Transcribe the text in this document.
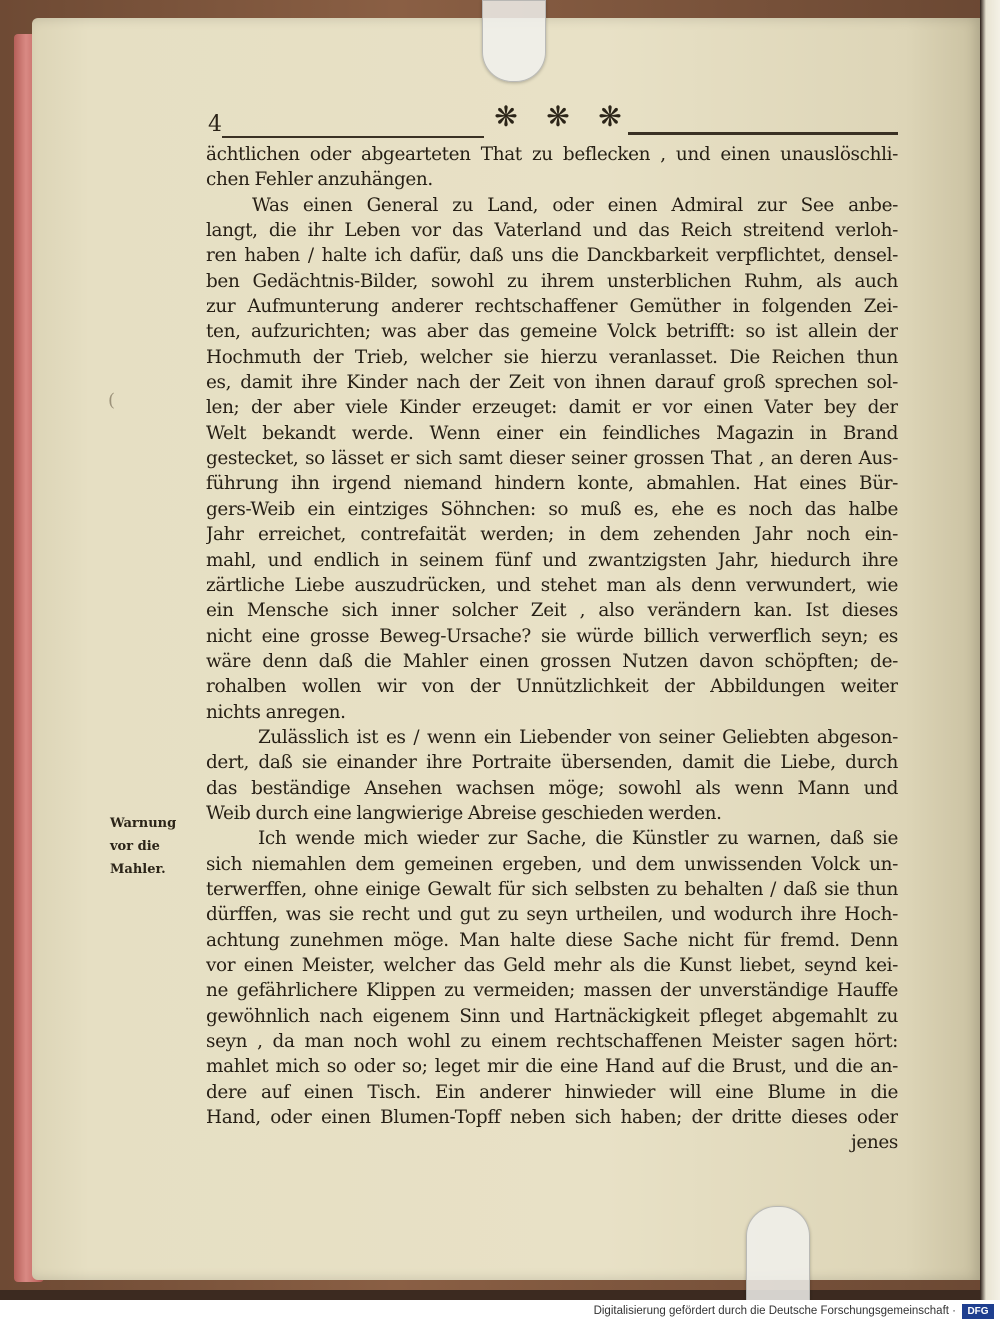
4	❋ ❋ ❋
(
Warnung
vor die
Mahler.
ächtlichen oder abgearteten That zu beflecken , und einen unauslöschli-
chen Fehler anzuhängen.
Was einen General zu Land, oder einen Admiral zur See anbe-
langt, die ihr Leben vor das Vaterland und das Reich streitend verloh-
ren haben / halte ich dafür, daß uns die Danckbarkeit verpflichtet, densel-
ben Gedächtnis-Bilder, sowohl zu ihrem unsterblichen Ruhm, als auch
zur Aufmunterung anderer rechtschaffener Gemüther in folgenden Zei-
ten, aufzurichten; was aber das gemeine Volck betrifft: so ist allein der
Hochmuth der Trieb, welcher sie hierzu veranlasset. Die Reichen thun
es, damit ihre Kinder nach der Zeit von ihnen darauf groß sprechen sol-
len; der aber viele Kinder erzeuget: damit er vor einen Vater bey der
Welt bekandt werde. Wenn einer ein feindliches Magazin in Brand
gestecket, so lässet er sich samt dieser seiner grossen That , an deren Aus-
führung ihn irgend niemand hindern konte, abmahlen. Hat eines Bür-
gers-Weib ein eintziges Söhnchen: so muß es, ehe es noch das halbe
Jahr erreichet, contrefaität werden; in dem zehenden Jahr noch ein-
mahl, und endlich in seinem fünf und zwantzigsten Jahr, hiedurch ihre
zärtliche Liebe auszudrücken, und stehet man als denn verwundert, wie
ein Mensche sich inner solcher Zeit , also verändern kan. Ist dieses
nicht eine grosse Beweg-Ursache? sie würde billich verwerflich seyn; es
wäre denn daß die Mahler einen grossen Nutzen davon schöpften; de-
rohalben wollen wir von der Unnützlichkeit der Abbildungen weiter
nichts anregen.
Zulässlich ist es / wenn ein Liebender von seiner Geliebten abgeson-
dert, daß sie einander ihre Portraite übersenden, damit die Liebe, durch
das beständige Ansehen wachsen möge; sowohl als wenn Mann und
Weib durch eine langwierige Abreise geschieden werden.
Ich wende mich wieder zur Sache, die Künstler zu warnen, daß sie
sich niemahlen dem gemeinen ergeben, und dem unwissenden Volck un-
terwerffen, ohne einige Gewalt für sich selbsten zu behalten / daß sie thun
dürffen, was sie recht und gut zu seyn urtheilen, und wodurch ihre Hoch-
achtung zunehmen möge. Man halte diese Sache nicht für fremd. Denn
vor einen Meister, welcher das Geld mehr als die Kunst liebet, seynd kei-
ne gefährlichere Klippen zu vermeiden; massen der unverständige Hauffe
gewöhnlich nach eigenem Sinn und Hartnäckigkeit pfleget abgemahlt zu
seyn , da man noch wohl zu einem rechtschaffenen Meister sagen hört:
mahlet mich so oder so; leget mir die eine Hand auf die Brust, und die an-
dere auf einen Tisch. Ein anderer hinwieder will eine Blume in die
Hand, oder einen Blumen-Topff neben sich haben; der dritte dieses oder
jenes
Digitalisierung gefördert durch die Deutsche Forschungsgemeinschaft ·	DFG
